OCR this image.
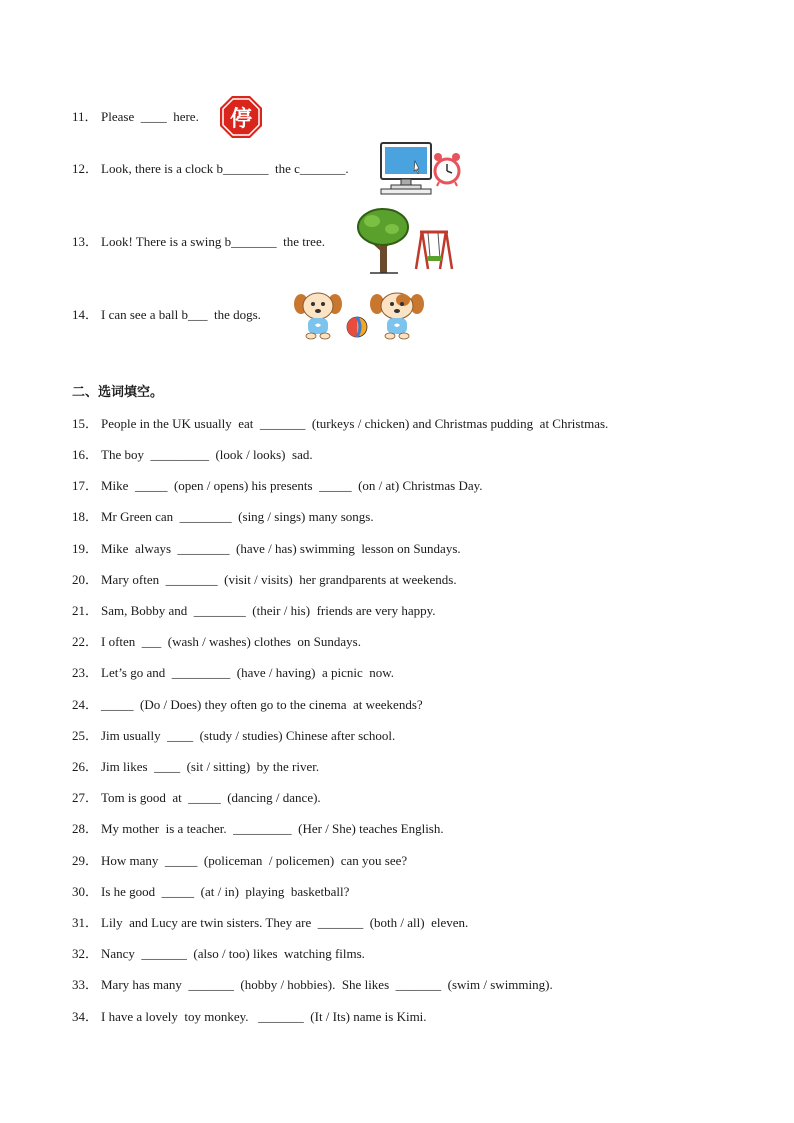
11． Please  ____  here.
12． Look, there is a clock b_______  the c_______.
13． Look! There is a swing b_______  the tree.
14． I can see a ball b___  the dogs.
停
二、选词填空。
15． People in the UK usually  eat  _______  (turkeys / chicken) and Christmas pudding  at Christmas.
16． The boy  _________  (look / looks)  sad.
17． Mike  _____  (open / opens) his presents  _____  (on / at) Christmas Day.
18． Mr Green can  ________  (sing / sings) many songs.
19． Mike  always  ________  (have / has) swimming  lesson on Sundays.
20． Mary often  ________  (visit / visits)  her grandparents at weekends.
21． Sam, Bobby and  ________  (their / his)  friends are very happy.
22． I often  ___  (wash / washes) clothes  on Sundays.
23． Let’s go and  _________  (have / having)  a picnic  now.
24． _____  (Do / Does) they often go to the cinema  at weekends?
25． Jim usually  ____  (study / studies) Chinese after school.
26． Jim likes  ____  (sit / sitting)  by the river.
27． Tom is good  at  _____  (dancing / dance).
28． My mother  is a teacher.  _________  (Her / She) teaches English.
29． How many  _____  (policeman  / policemen)  can you see?
30． Is he good  _____  (at / in)  playing  basketball?
31． Lily  and Lucy are twin sisters. They are  _______  (both / all)  eleven.
32． Nancy  _______  (also / too) likes  watching films.
33． Mary has many  _______  (hobby / hobbies).  She likes  _______  (swim / swimming).
34． I have a lovely  toy monkey.   _______  (It / Its) name is Kimi.
